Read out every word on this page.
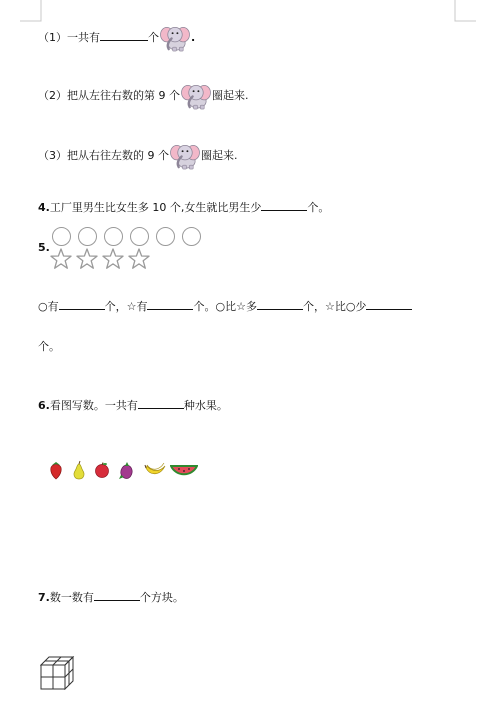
（1）一共有	个	.
（2）把从左往右数的第 9 个	圈起来.
（3）把从右往左数的 9 个	圈起来.
4.工厂里男生比女生多 10 个,女生就比男生少	个。
5.
○有	个，☆有	个。○比☆多	个，☆比○少
个。
6.看图写数。一共有	种水果。
7.数一数有	个方块。
